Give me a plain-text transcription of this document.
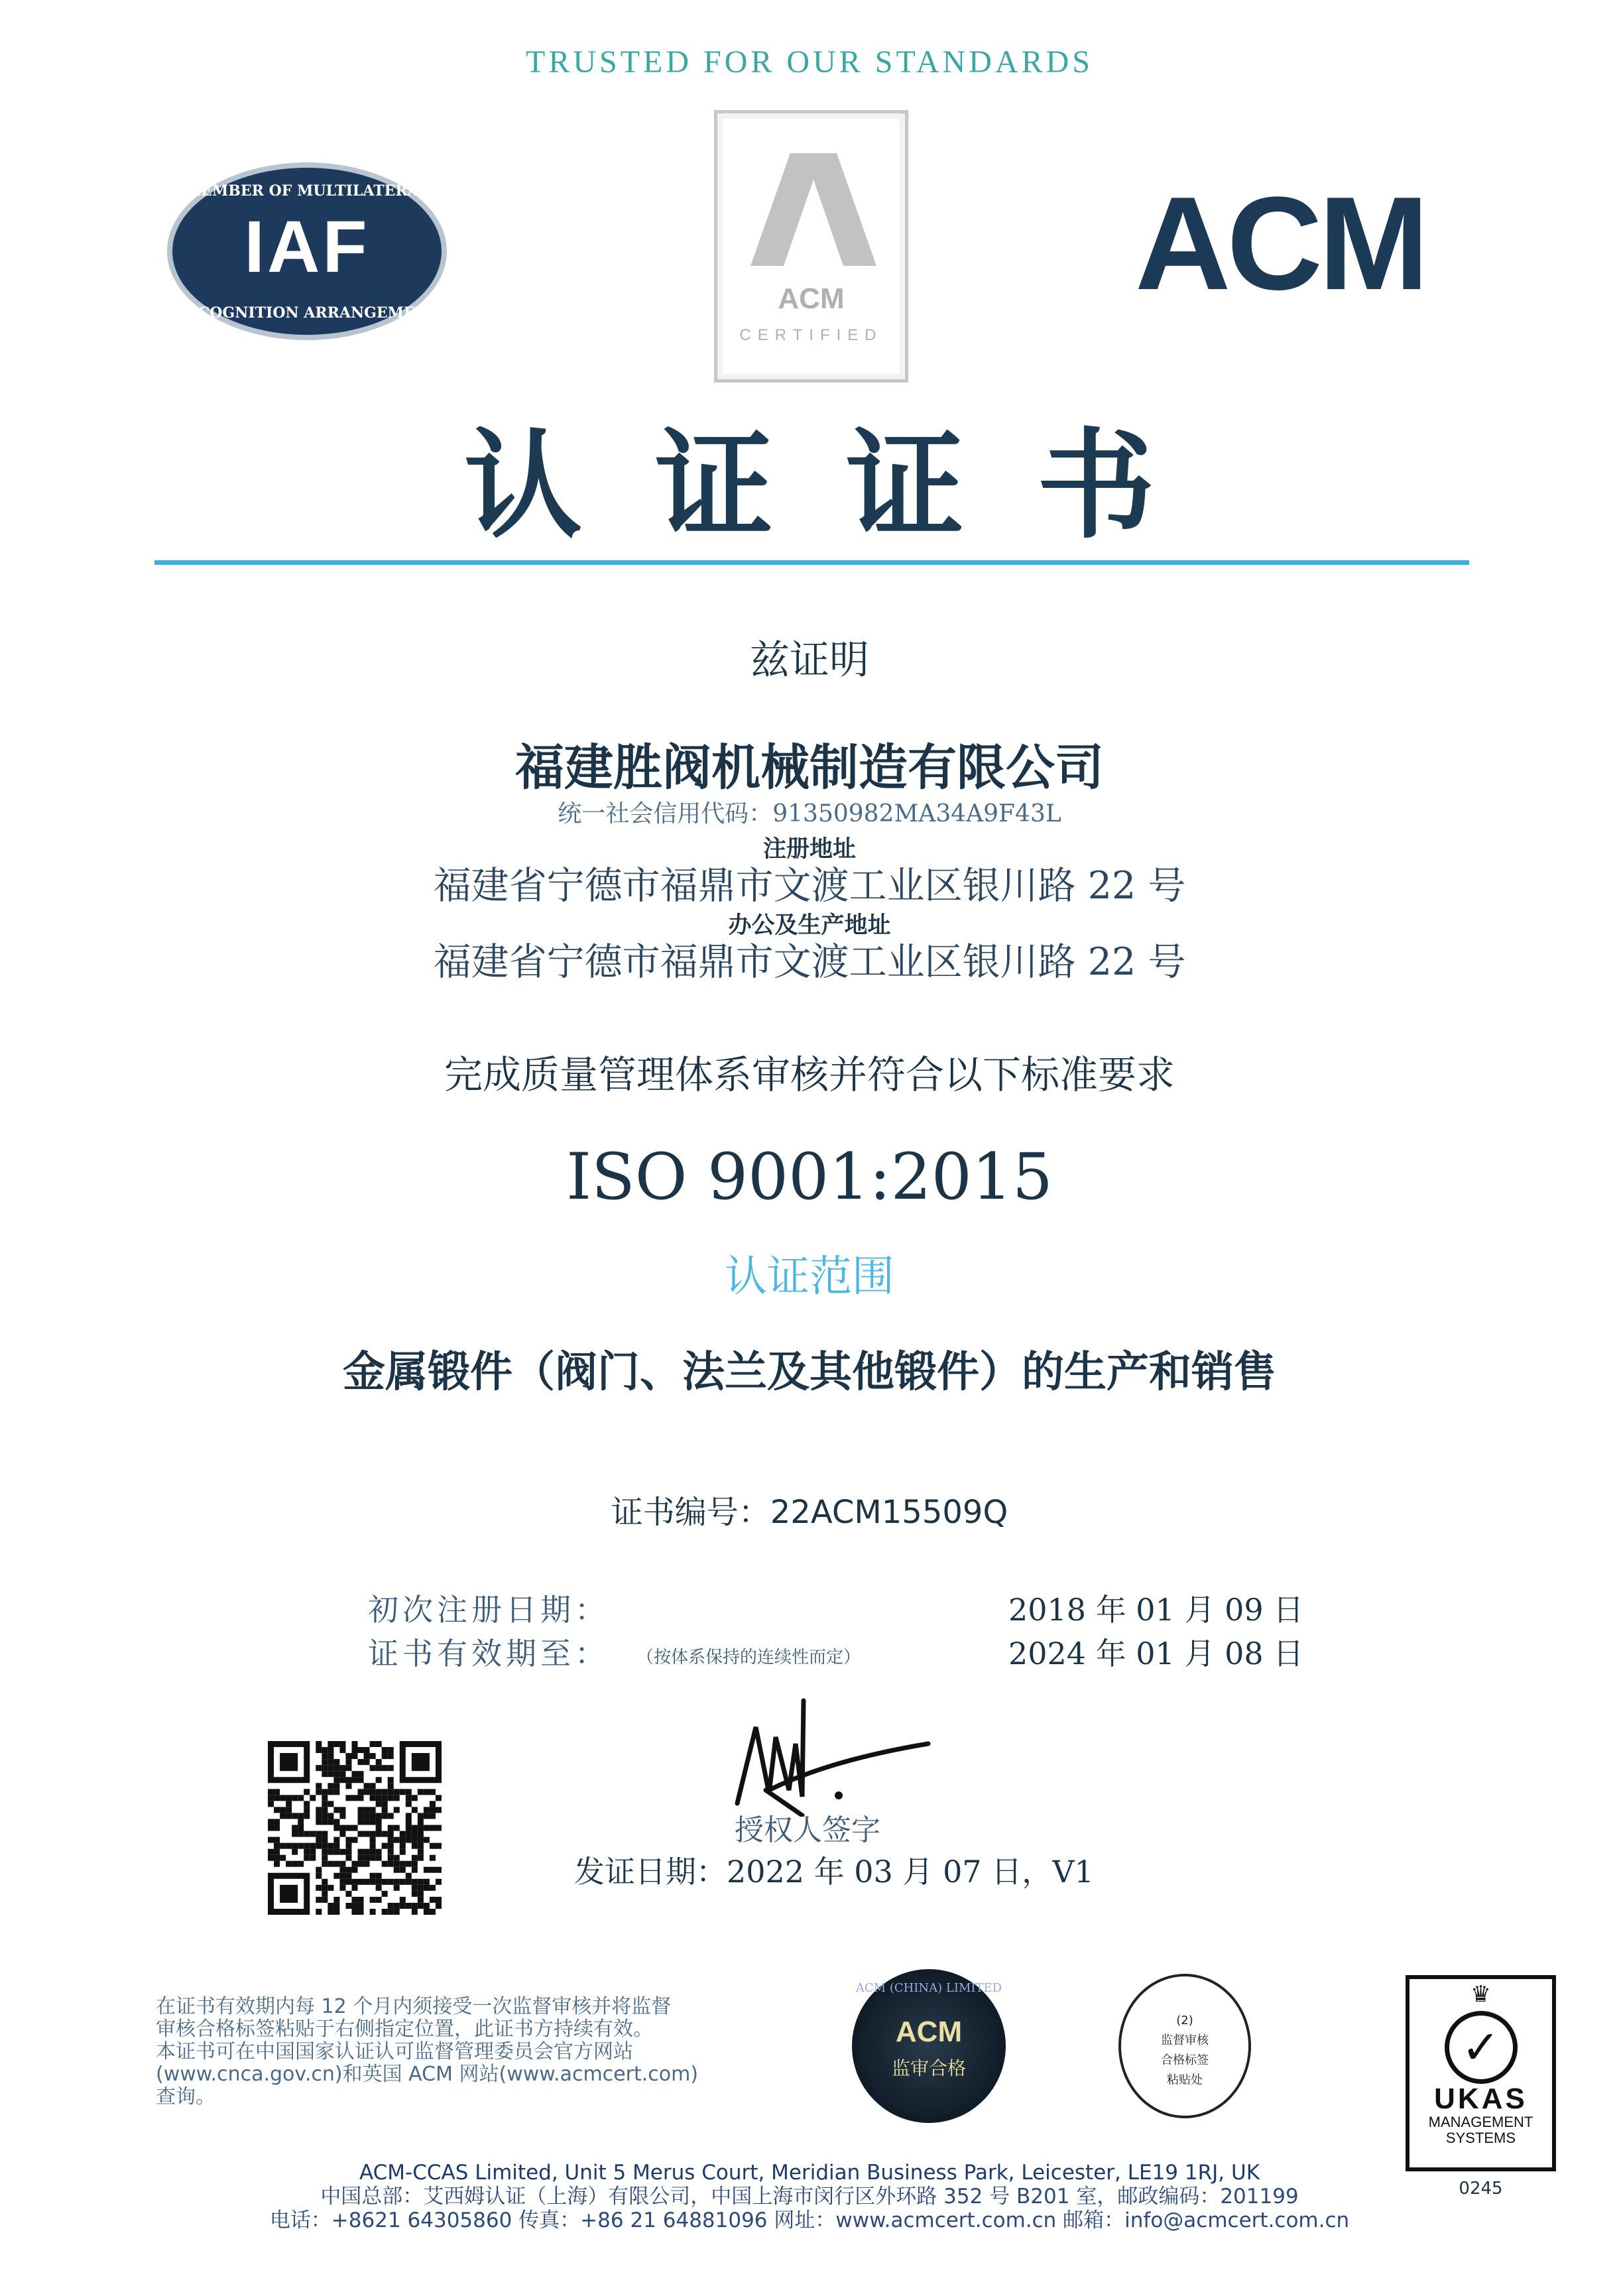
TRUSTED FOR OUR STANDARDS
MEMBER OF MULTILATERAL
IAF
RECOGNITION ARRANGEMENT	ACM
CERTIFIED
ACM
认证证书
兹证明
福建胜阀机械制造有限公司
统一社会信用代码：91350982MA34A9F43L
注册地址
福建省宁德市福鼎市文渡工业区银川路 22 号
办公及生产地址
福建省宁德市福鼎市文渡工业区银川路 22 号
完成质量管理体系审核并符合以下标准要求
ISO 9001:2015
认证范围
金属锻件（阀门、法兰及其他锻件）的生产和销售
证书编号：22ACM15509Q
初次注册日期：	2018 年 01 月 09 日
证书有效期至： （按体系保持的连续性而定）	2024 年 01 月 08 日
授权人签字
发证日期：2022 年 03 月 07 日，V1
在证书有效期内每 12 个月内须接受一次监督审核并将监督
审核合格标签粘贴于右侧指定位置，此证书方持续有效。
本证书可在中国国家认证认可监督管理委员会官方网站
(www.cnca.gov.cn)和英国 ACM 网站(www.acmcert.com)
查询。
ACM (CHINA) LIMITED
ACM
监审合格
(2)
监督审核
合格标签
粘贴处
♛
✓
UKAS
MANAGEMENT
SYSTEMS
0245
ACM-CCAS Limited, Unit 5 Merus Court, Meridian Business Park, Leicester, LE19 1RJ, UK
中国总部：艾西姆认证（上海）有限公司，中国上海市闵行区外环路 352 号 B201 室，邮政编码：201199
电话：+8621 64305860 传真：+86 21 64881096 网址：www.acmcert.com.cn 邮箱：info@acmcert.com.cn
